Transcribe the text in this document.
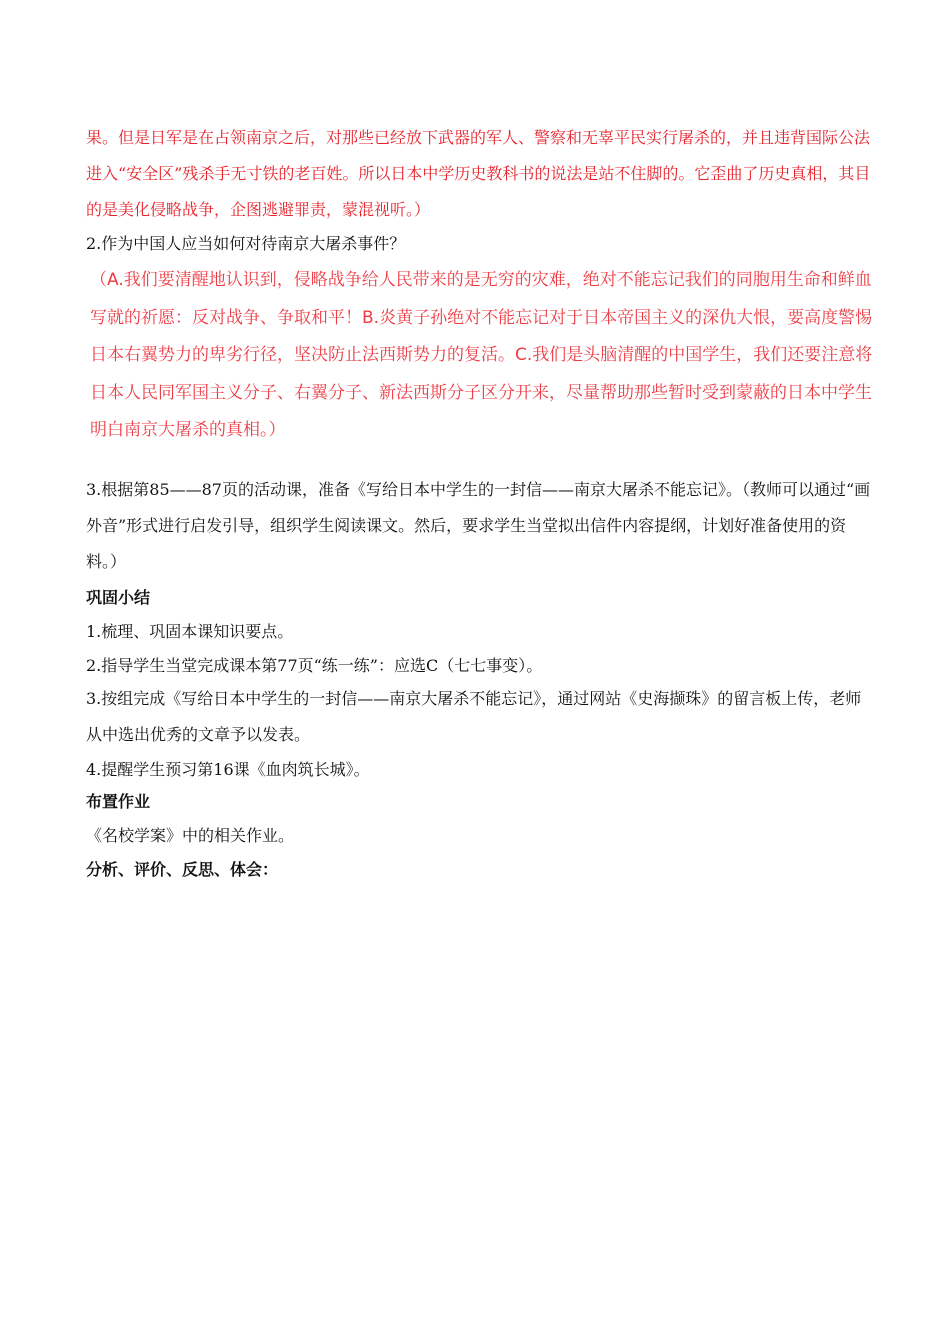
果。但是日军是在占领南京之后，对那些已经放下武器的军人、警察和无辜平民实行屠杀的，并且违背国际公法进入“安全区”残杀手无寸铁的老百姓。所以日本中学历史教科书的说法是站不住脚的。它歪曲了历史真相，其目的是美化侵略战争，企图逃避罪责，蒙混视听。）
2.作为中国人应当如何对待南京大屠杀事件？
（A.我们要清醒地认识到，侵略战争给人民带来的是无穷的灾难，绝对不能忘记我们的同胞用生命和鲜血写就的祈愿：反对战争、争取和平！B.炎黄子孙绝对不能忘记对于日本帝国主义的深仇大恨，要高度警惕日本右翼势力的卑劣行径，坚决防止法西斯势力的复活。C.我们是头脑清醒的中国学生，我们还要注意将日本人民同军国主义分子、右翼分子、新法西斯分子区分开来，尽量帮助那些暂时受到蒙蔽的日本中学生明白南京大屠杀的真相。）
3.根据第85——87页的活动课，准备《写给日本中学生的一封信——南京大屠杀不能忘记》。（教师可以通过“画外音”形式进行启发引导，组织学生阅读课文。然后，要求学生当堂拟出信件内容提纲，计划好准备使用的资料。）
巩固小结
1.梳理、巩固本课知识要点。
2.指导学生当堂完成课本第77页“练一练”：应选C（七七事变）。
3.按组完成《写给日本中学生的一封信——南京大屠杀不能忘记》，通过网站《史海撷珠》的留言板上传，老师从中选出优秀的文章予以发表。
4.提醒学生预习第16课《血肉筑长城》。
布置作业
《名校学案》中的相关作业。
分析、评价、反思、体会：
